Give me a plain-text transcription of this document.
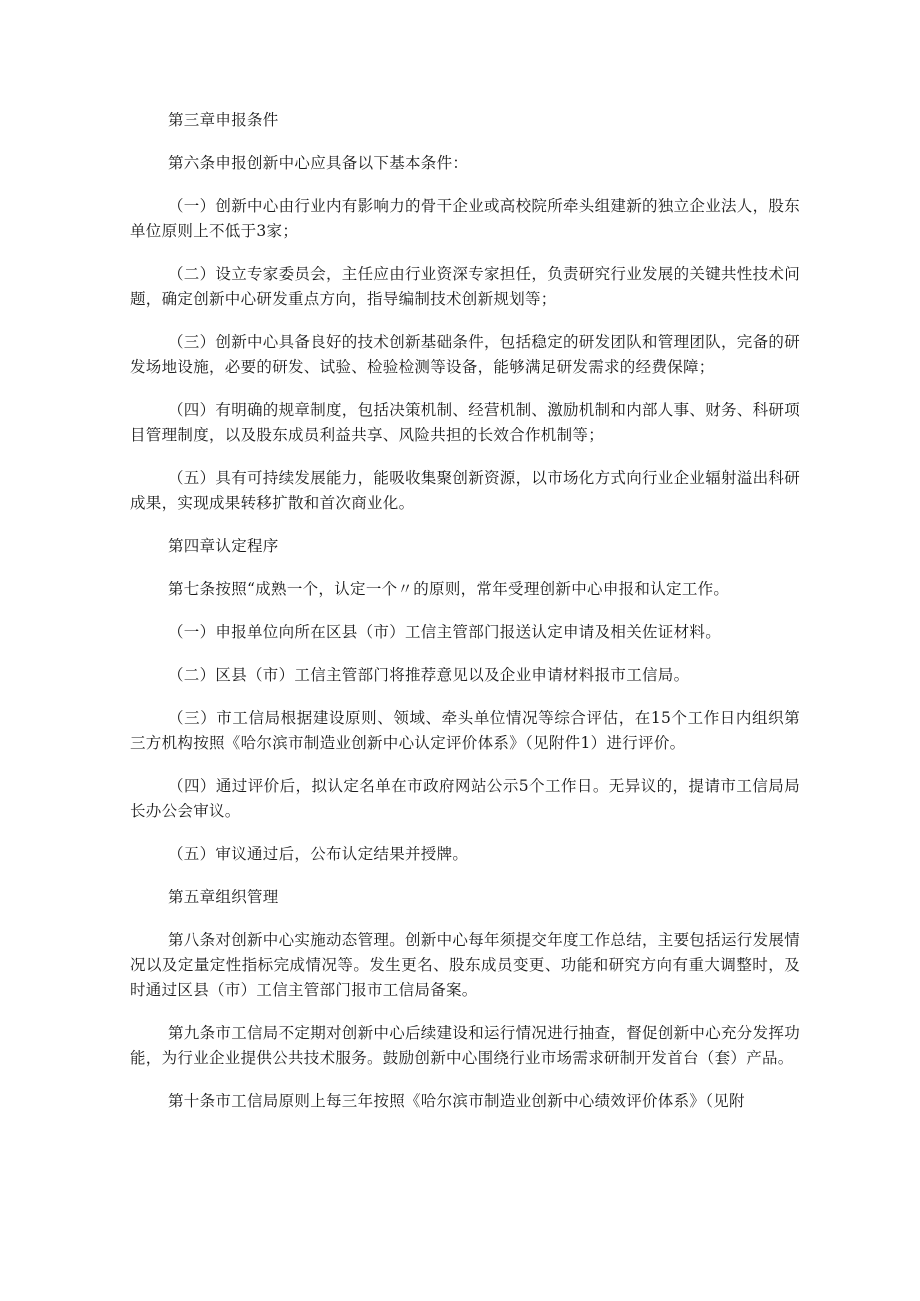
第三章申报条件

第六条申报创新中心应具备以下基本条件：

（一）创新中心由行业内有影响力的骨干企业或高校院所牵头组建新的独立企业法人，股东单位原则上不低于3家；

（二）设立专家委员会，主任应由行业资深专家担任，负责研究行业发展的关键共性技术问题，确定创新中心研发重点方向，指导编制技术创新规划等；

（三）创新中心具备良好的技术创新基础条件，包括稳定的研发团队和管理团队，完备的研发场地设施，必要的研发、试验、检验检测等设备，能够满足研发需求的经费保障；

（四）有明确的规章制度，包括决策机制、经营机制、激励机制和内部人事、财务、科研项目管理制度，以及股东成员利益共享、风险共担的长效合作机制等；

（五）具有可持续发展能力，能吸收集聚创新资源，以市场化方式向行业企业辐射溢出科研成果，实现成果转移扩散和首次商业化。

第四章认定程序

第七条按照“成熟一个，认定一个〃的原则，常年受理创新中心申报和认定工作。

（一）申报单位向所在区县（市）工信主管部门报送认定申请及相关佐证材料。

（二）区县（市）工信主管部门将推荐意见以及企业申请材料报市工信局。

（三）市工信局根据建设原则、领域、牵头单位情况等综合评估，在15个工作日内组织第三方机构按照《哈尔滨市制造业创新中心认定评价体系》（见附件1）进行评价。

（四）通过评价后，拟认定名单在市政府网站公示5个工作日。无异议的，提请市工信局局长办公会审议。

（五）审议通过后，公布认定结果并授牌。

第五章组织管理

第八条对创新中心实施动态管理。创新中心每年须提交年度工作总结，主要包括运行发展情况以及定量定性指标完成情况等。发生更名、股东成员变更、功能和研究方向有重大调整时，及时通过区县（市）工信主管部门报市工信局备案。

第九条市工信局不定期对创新中心后续建设和运行情况进行抽查，督促创新中心充分发挥功能，为行业企业提供公共技术服务。鼓励创新中心围绕行业市场需求研制开发首台（套）产品。

第十条市工信局原则上每三年按照《哈尔滨市制造业创新中心绩效评价体系》（见附
